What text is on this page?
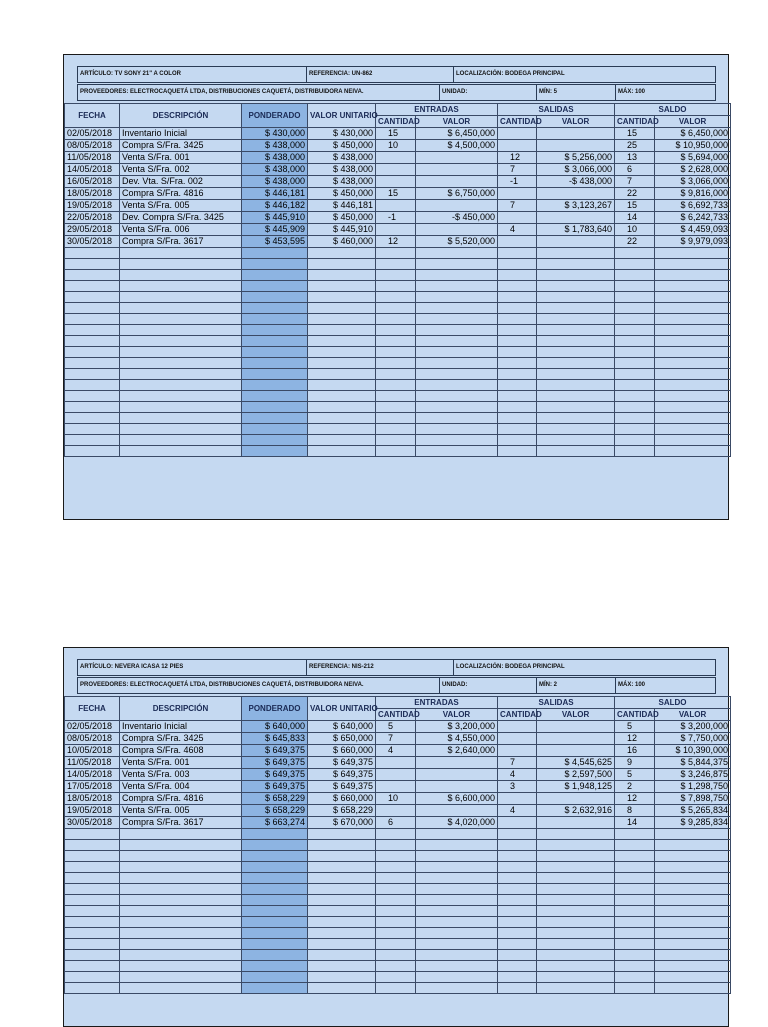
ARTÍCULO: TV SONY 21" A COLOR	REFERENCIA: UN-862	LOCALIZACIÓN: BODEGA PRINCIPAL
PROVEEDORES: ELECTROCAQUETÁ LTDA, DISTRIBUCIONES CAQUETÁ, DISTRIBUIDORA NEIVA.	UNIDAD:	MÍN: 5	MÁX: 100
FECHA	DESCRIPCIÓN	PONDERADO	VALOR UNITARIO	ENTRADAS		SALIDAS		SALDO	
				CANTIDAD	VALOR	CANTIDAD	VALOR	CANTIDAD	VALOR
02/05/2018	Inventario Inicial	$ 430,000	$ 430,000	15	$ 6,450,000			15	$ 6,450,000
08/05/2018	Compra S/Fra. 3425	$ 438,000	$ 450,000	10	$ 4,500,000			25	$ 10,950,000
11/05/2018	Venta S/Fra. 001	$ 438,000	$ 438,000			12	$ 5,256,000	13	$ 5,694,000
14/05/2018	Venta S/Fra. 002	$ 438,000	$ 438,000			7	$ 3,066,000	6	$ 2,628,000
16/05/2018	Dev. Vta. S/Fra. 002	$ 438,000	$ 438,000			-1	-$ 438,000	7	$ 3,066,000
18/05/2018	Compra S/Fra. 4816	$ 446,181	$ 450,000	15	$ 6,750,000			22	$ 9,816,000
19/05/2018	Venta S/Fra. 005	$ 446,182	$ 446,181			7	$ 3,123,267	15	$ 6,692,733
22/05/2018	Dev. Compra S/Fra. 3425	$ 445,910	$ 450,000	-1	-$ 450,000			14	$ 6,242,733
29/05/2018	Venta S/Fra. 006	$ 445,909	$ 445,910			4	$ 1,783,640	10	$ 4,459,093
30/05/2018	Compra S/Fra. 3617	$ 453,595	$ 460,000	12	$ 5,520,000			22	$ 9,979,093

ARTÍCULO: NEVERA ICASA 12 PIES	REFERENCIA: NIS-212	LOCALIZACIÓN: BODEGA PRINCIPAL
PROVEEDORES: ELECTROCAQUETÁ LTDA, DISTRIBUCIONES CAQUETÁ, DISTRIBUIDORA NEIVA.	UNIDAD:	MÍN: 2	MÁX: 100
FECHA	DESCRIPCIÓN	PONDERADO	VALOR UNITARIO	ENTRADAS		SALIDAS		SALDO	
				CANTIDAD	VALOR	CANTIDAD	VALOR	CANTIDAD	VALOR
02/05/2018	Inventario Inicial	$ 640,000	$ 640,000	5	$ 3,200,000			5	$ 3,200,000
08/05/2018	Compra S/Fra. 3425	$ 645,833	$ 650,000	7	$ 4,550,000			12	$ 7,750,000
10/05/2018	Compra S/Fra. 4608	$ 649,375	$ 660,000	4	$ 2,640,000			16	$ 10,390,000
11/05/2018	Venta S/Fra. 001	$ 649,375	$ 649,375			7	$ 4,545,625	9	$ 5,844,375
14/05/2018	Venta S/Fra. 003	$ 649,375	$ 649,375			4	$ 2,597,500	5	$ 3,246,875
17/05/2018	Venta S/Fra. 004	$ 649,375	$ 649,375			3	$ 1,948,125	2	$ 1,298,750
18/05/2018	Compra S/Fra. 4816	$ 658,229	$ 660,000	10	$ 6,600,000			12	$ 7,898,750
19/05/2018	Venta S/Fra. 005	$ 658,229	$ 658,229			4	$ 2,632,916	8	$ 5,265,834
30/05/2018	Compra S/Fra. 3617	$ 663,274	$ 670,000	6	$ 4,020,000			14	$ 9,285,834
